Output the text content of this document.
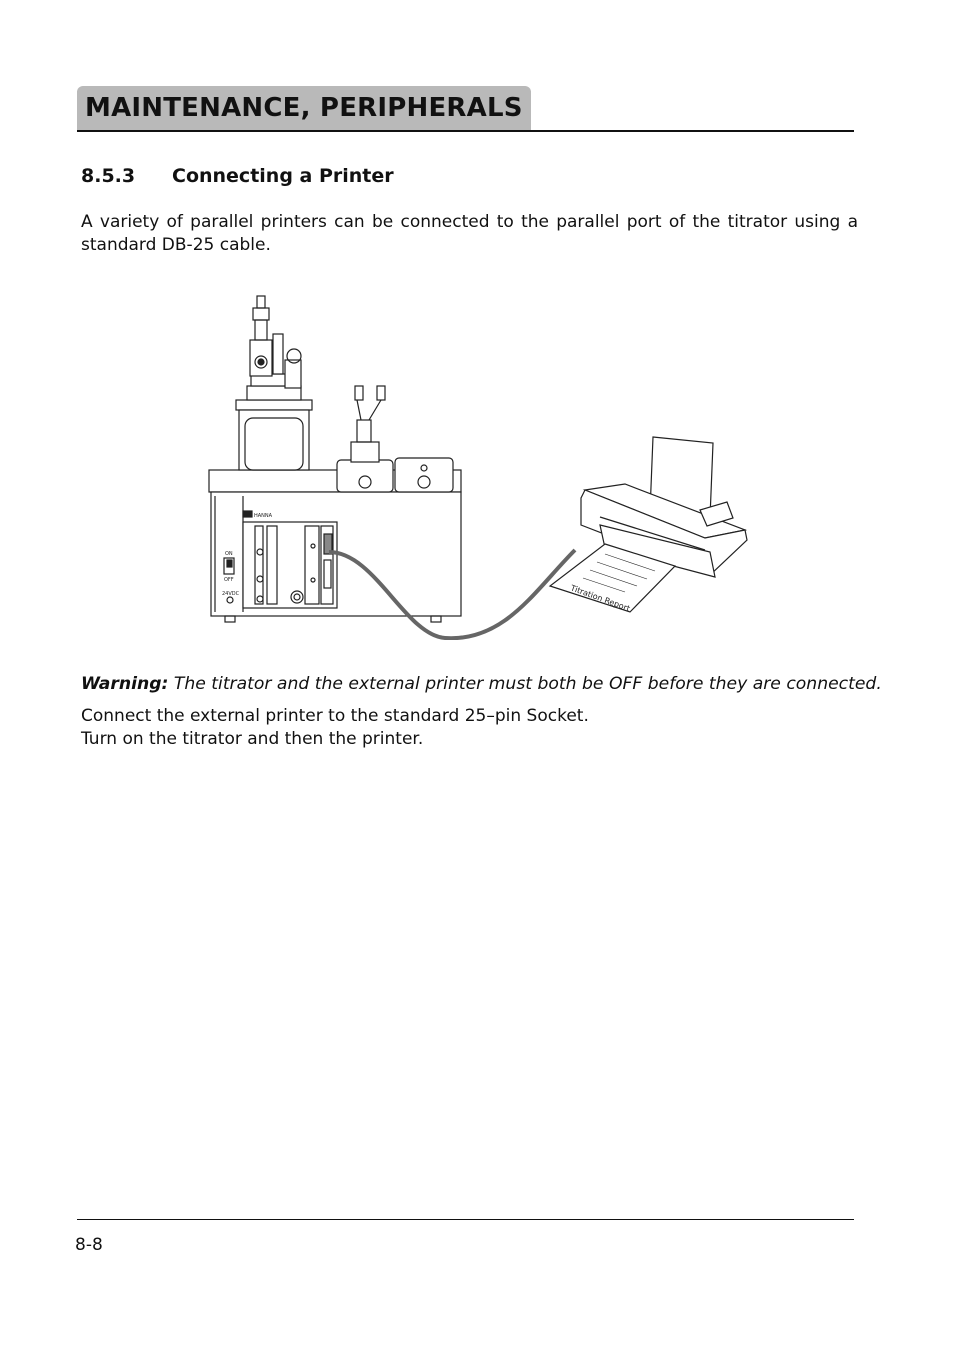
MAINTENANCE, PERIPHERALS
8.5.3 Connecting a Printer
A variety of parallel printers can be connected to the parallel port of the titrator using a standard DB-25 cable.
HANNA
ON
OFF
24VDC	Titration Report
Warning: The titrator and the external printer must both be OFF before they are connected.
Connect the external printer to the standard 25–pin Socket.
Turn on the titrator and then the printer.
8-8
